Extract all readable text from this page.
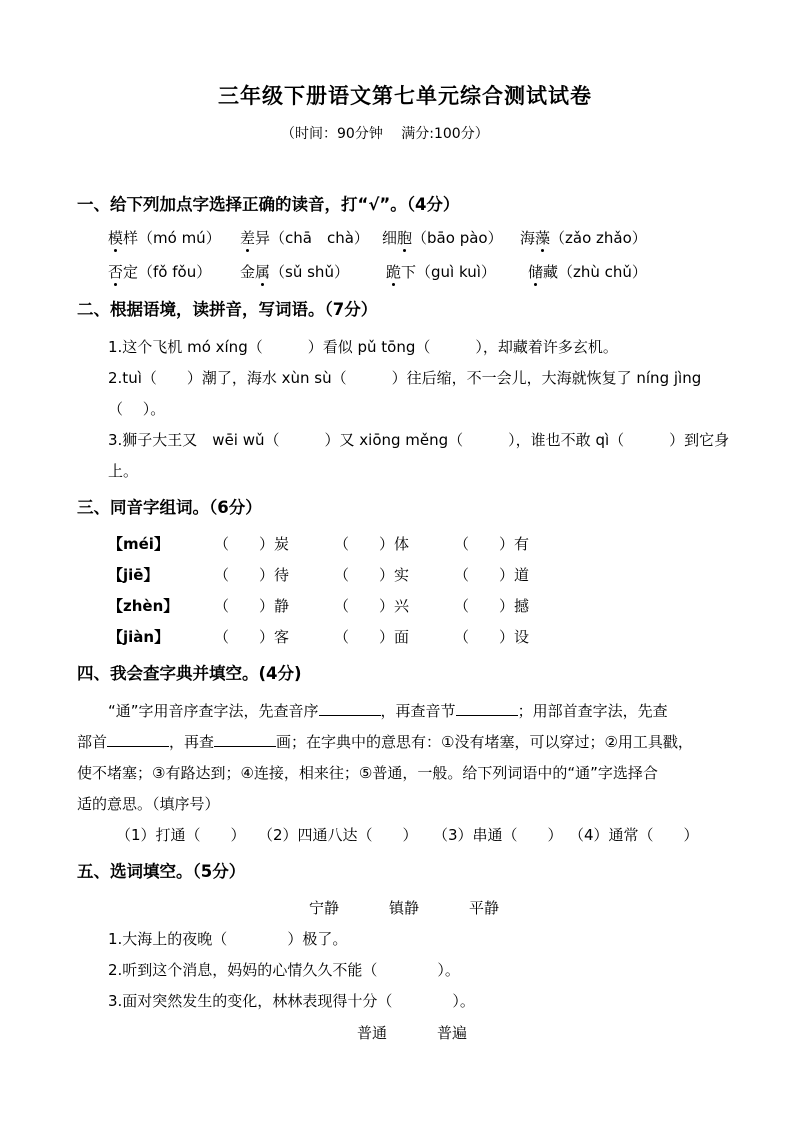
三年级下册语文第七单元综合测试试卷
（时间：90分钟　 满分:100分）
一、给下列加点字选择正确的读音，打“√”。（4分）
模样（mó mú） 差异（chā　chà） 细胞（bāo pào） 海藻（zǎo zhǎo）
否定（fǒ fǒu） 金属（sǔ shǔ） 跪下（guì kuì） 储藏（zhù chǔ）
二、根据语境，读拼音，写词语。（7分）
1.这个飞机 mó xíng（　　　）看似 pǔ tōng（　　　），却藏着许多玄机。
2.tuì（　　）潮了，海水 xùn sù（　　　）往后缩，不一会儿，大海就恢复了 níng jìng
（　 ）。
3.狮子大王又　wēi wǔ（　　　）又 xiōng měng（　　　），谁也不敢 qì（　　　）到它身
上。
三、同音字组词。（6分）
【méi】	（　　）炭	（　　）体	（　　）有
【jiē】	（　　）待	（　　）实	（　　）道
【zhèn】 （　　）静	（　　）兴	（　　）撼
【jiàn】	（　　）客	（　　）面	（　　）设
四、我会查字典并填空。(4分)
“通”字用音序查字法，先查音序	，再查音节	；用部首查字法，先查
部首	，再查	画；在字典中的意思有：①没有堵塞，可以穿过；②用工具戳，
使不堵塞；③有路达到；④连接，相来往；⑤普通，一般。给下列词语中的“通”字选择合
适的意思。（填序号）
（1）打通（　　） （2）四通八达（　　） （3）串通（　　） （4）通常（　　）
五、选词填空。（5分）
宁静	镇静	平静
1.大海上的夜晚（　　　　）极了。
2.听到这个消息，妈妈的心情久久不能（　　　　）。
3.面对突然发生的变化，林林表现得十分（　　　　）。
普通	普遍
